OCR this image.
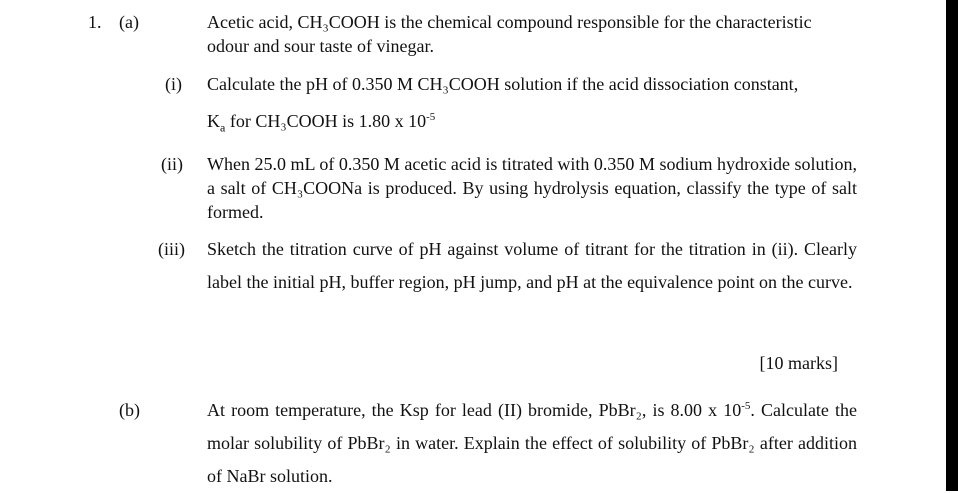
1. (a)	Acetic acid, CH₃COOH is the chemical compound responsible for the characteristic
odour and sour taste of vinegar.
(i) Calculate the pH of 0.350 M CH₃COOH solution if the acid dissociation constant,
$K_a$ for CH₃COOH is 1.80 x $10^{-5}$
(ii) When 25.0 mL of 0.350 M acetic acid is titrated with 0.350 M sodium hydroxide solution, a salt of CH₃COONa is produced. By using hydrolysis equation, classify the type of salt formed.
(iii) Sketch the titration curve of pH against volume of titrant for the titration in (ii). Clearly label the initial pH, buffer region, pH jump, and pH at the equivalence point on the curve.
[10 marks]
(b)	At room temperature, the Ksp for lead (II) bromide, PbBr₂, is 8.00 x $10^{-5}$. Calculate the molar solubility of PbBr₂ in water. Explain the effect of solubility of PbBr₂ after addition of NaBr solution.
